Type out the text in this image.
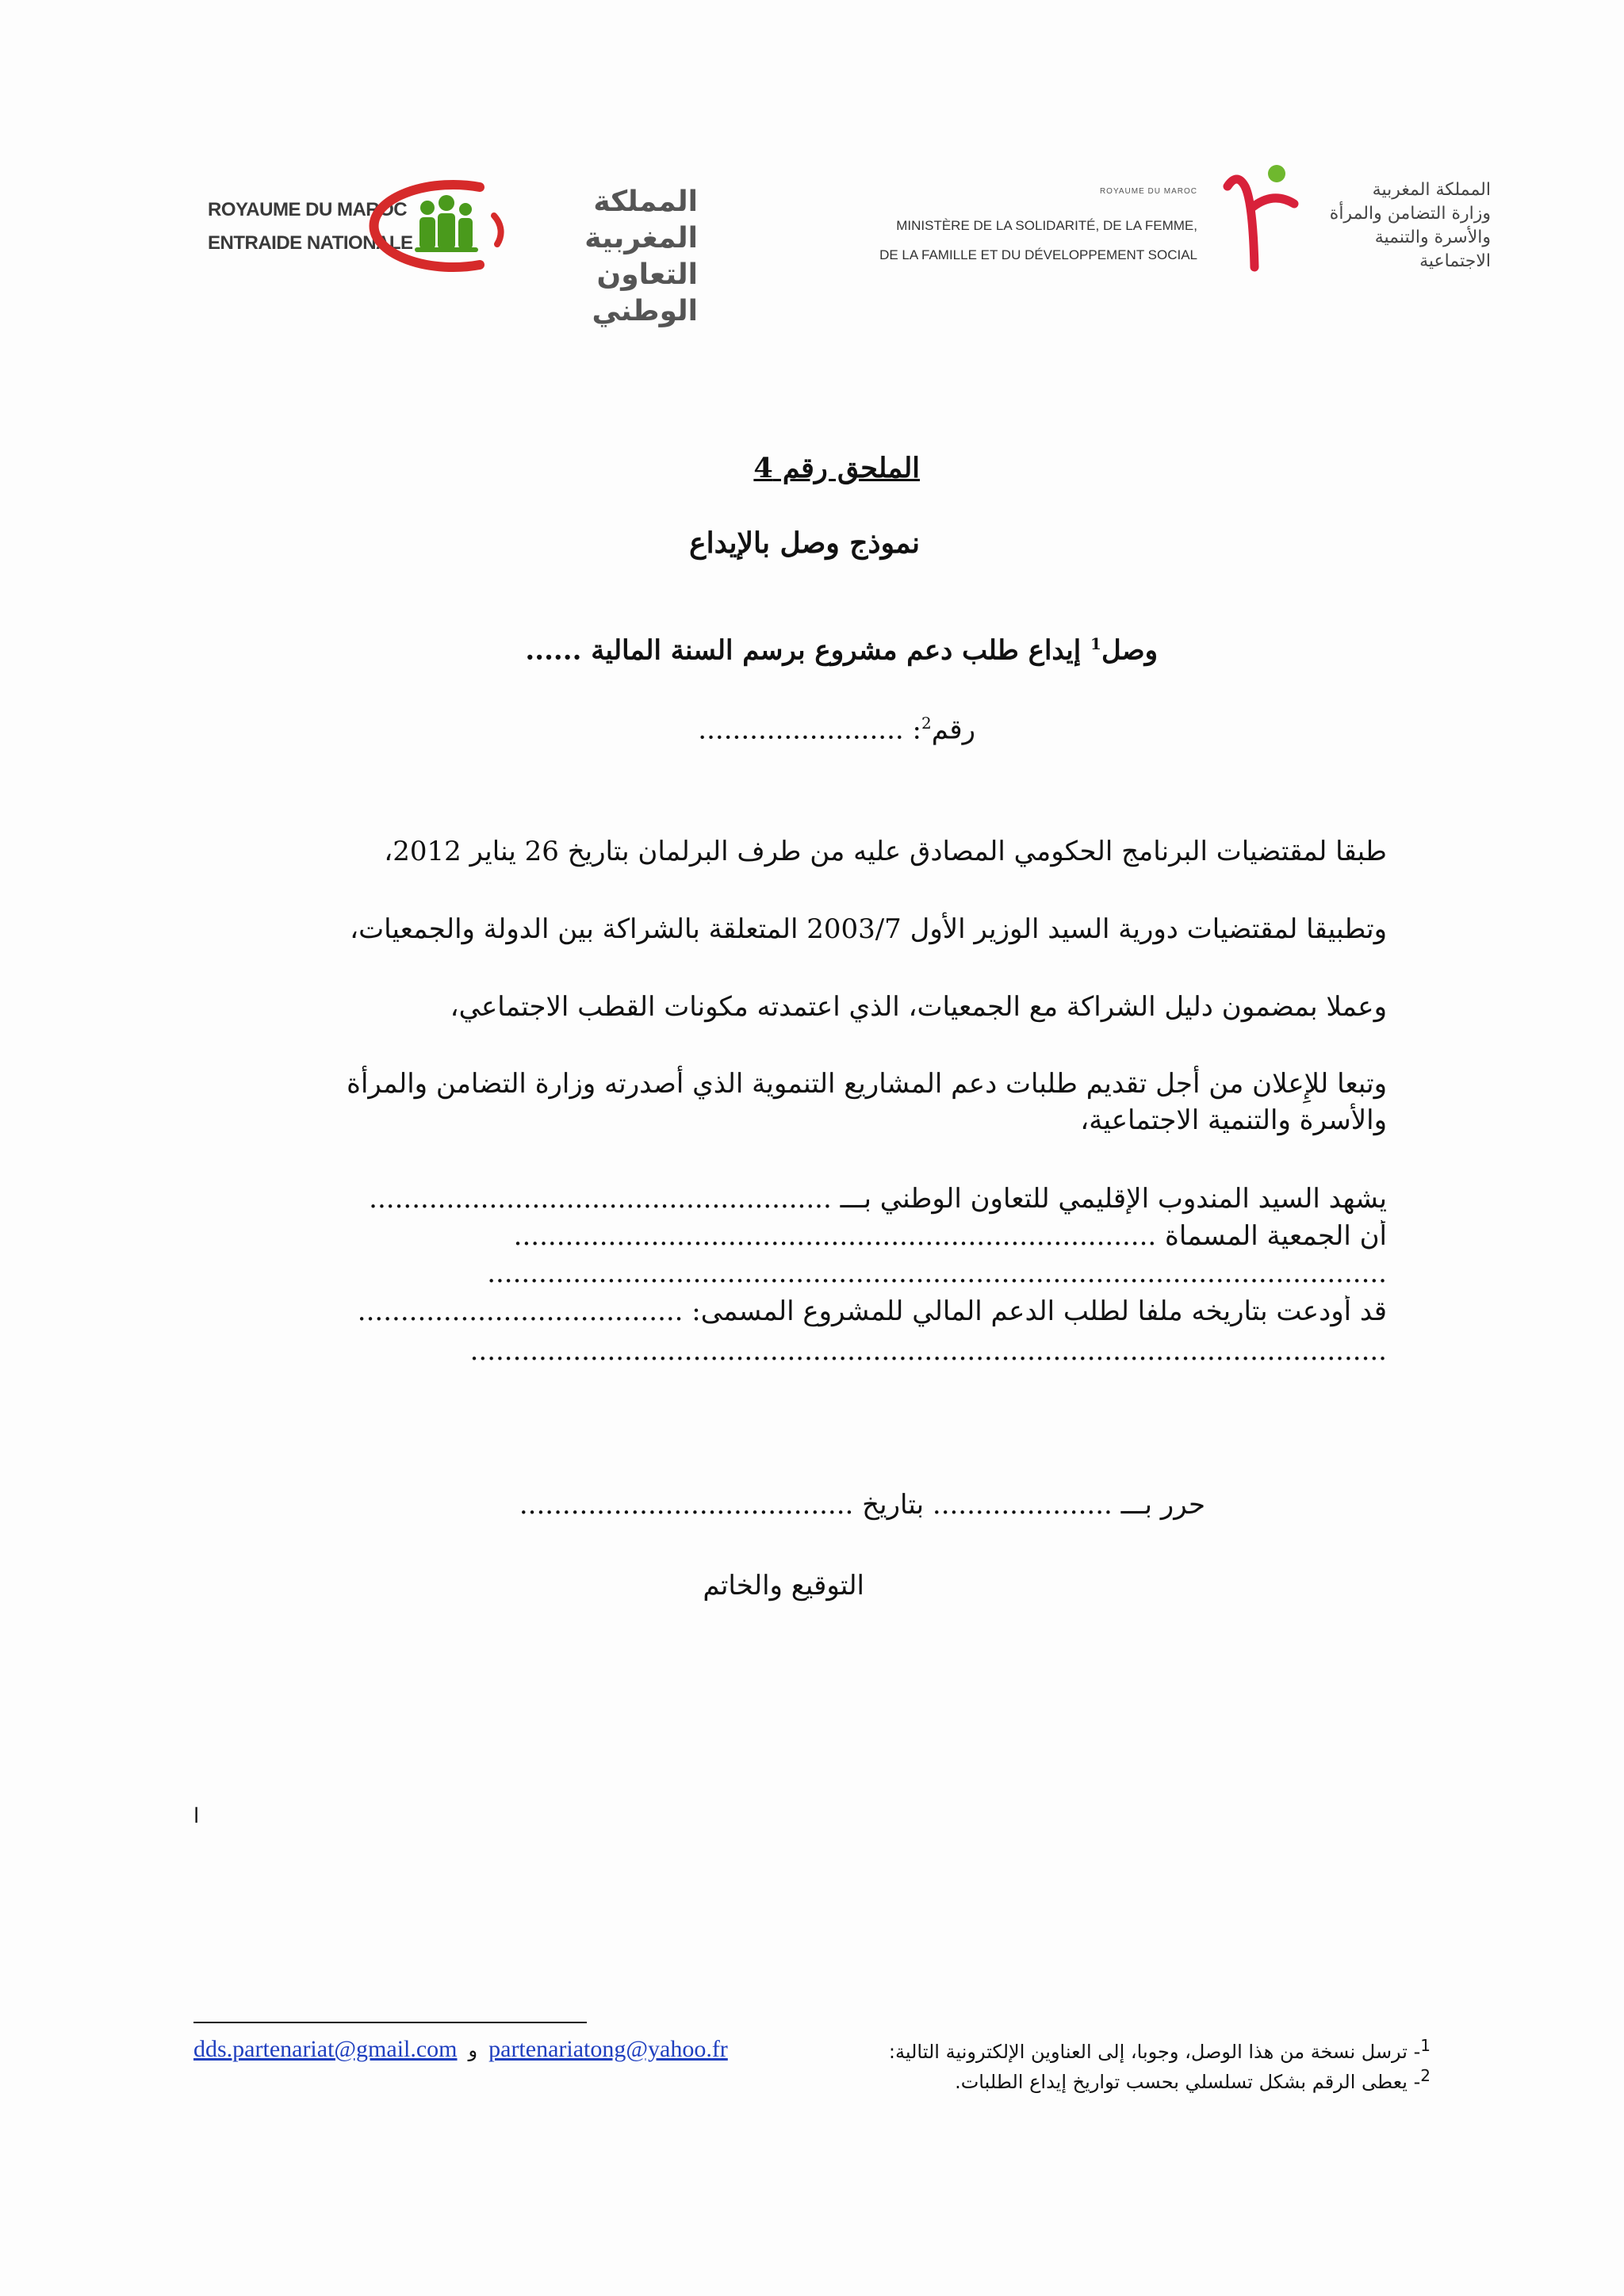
ROYAUME DU MAROC
ENTRAIDE NATIONALE
المملكة المغربية
التعاون الوطني
ROYAUME DU MAROC
MINISTÈRE DE LA SOLIDARITÉ, DE LA FEMME,
DE LA FAMILLE ET DU DÉVELOPPEMENT SOCIAL
المملكة المغربية
وزارة التضامن والمرأة
والأسرة والتنمية الاجتماعية
الملحق رقم 4
نموذج وصل بالإيداع
وصل$^1$ إيداع طلب دعم مشروع برسم السنة المالية ......
رقم$^2$: ........................
طبقا لمقتضيات البرنامج الحكومي المصادق عليه من طرف البرلمان بتاريخ 26 يناير 2012،
وتطبيقا لمقتضيات دورية السيد الوزير الأول 2003/7 المتعلقة بالشراكة بين الدولة والجمعيات،
وعملا بمضمون دليل الشراكة مع الجمعيات، الذي اعتمدته مكونات القطب الاجتماعي،
وتبعا للإِعلان من أجل تقديم طلبات دعم المشاريع التنموية الذي أصدرته وزارة التضامن والمرأة والأسرة والتنمية الاجتماعية،
يشهد السيد المندوب الإقليمي للتعاون الوطني بـــ ......................................................
أن الجمعية المسماة ...........................................................................
.........................................................................................................
قد أودعت بتاريخه ملفا لطلب الدعم المالي للمشروع المسمى: ......................................
...........................................................................................................
حرر بـــ ..................... بتاريخ .......................................
التوقيع والخاتم
ا
$^1$- ترسل نسخة من هذا الوصل، وجوبا، إلى العناوين الإلكترونية التالية:
dds.partenariat@gmail.com و partenariatong@yahoo.fr
$^2$- يعطى الرقم بشكل تسلسلي بحسب تواريخ إيداع الطلبات.
